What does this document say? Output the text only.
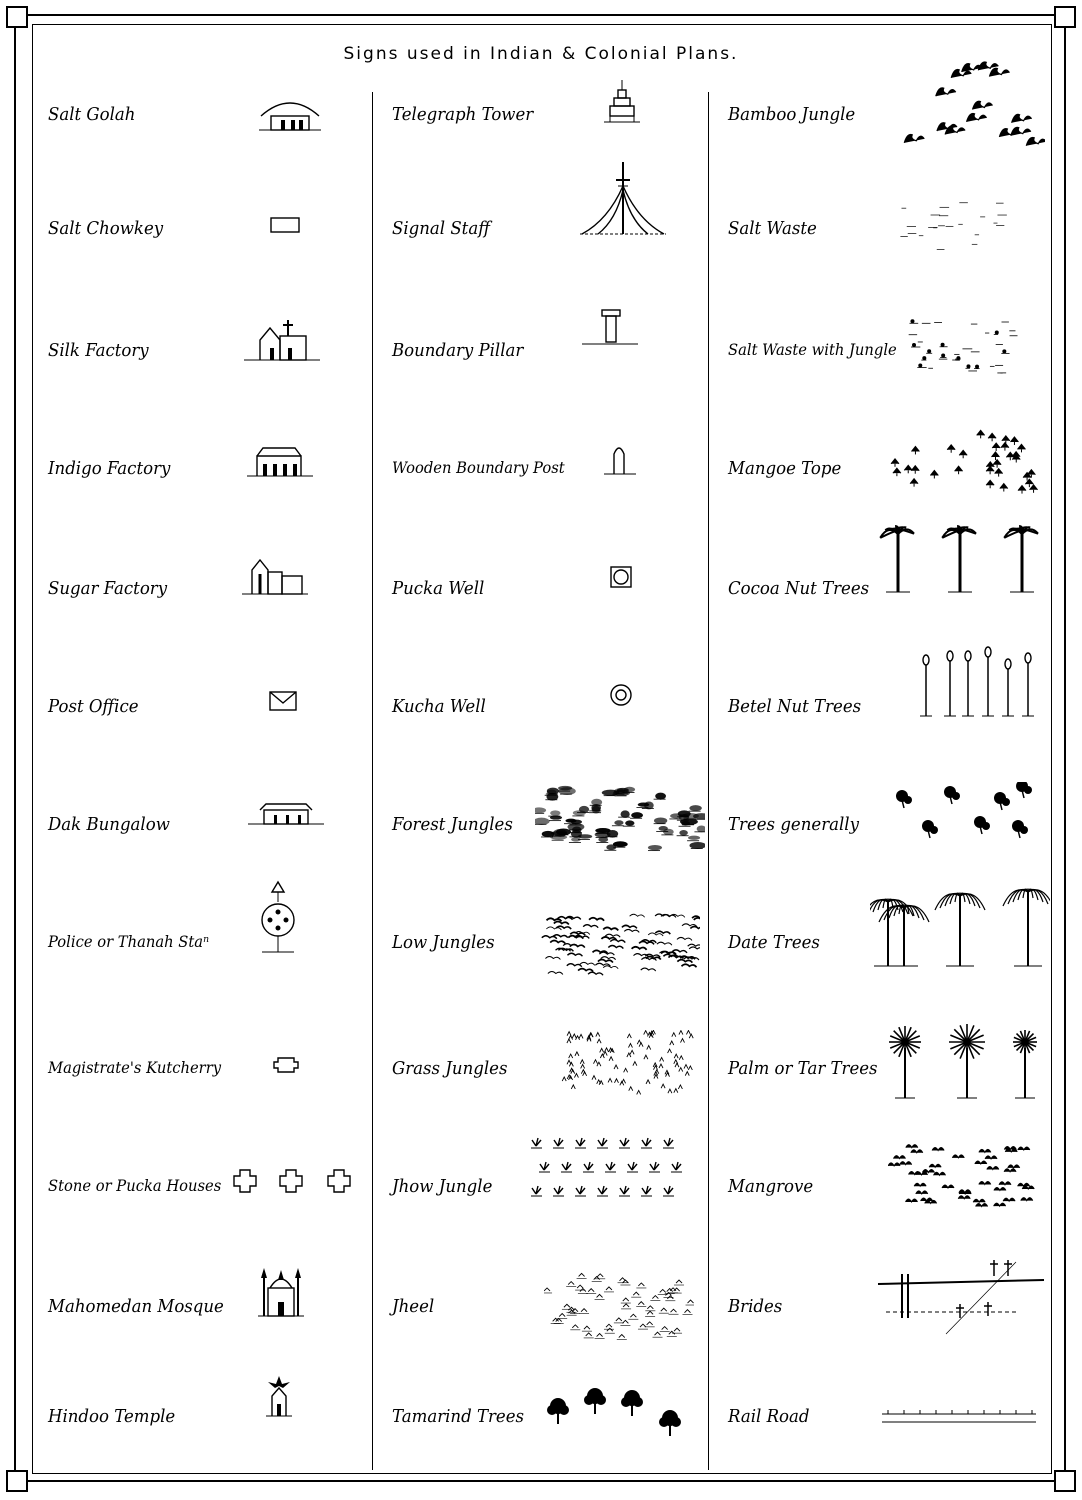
Signs used in Indian & Colonial Plans.
Salt Golah
Salt Chowkey
Silk Factory
Indigo Factory
Sugar Factory
Post Office
Dak Bungalow
Police or Thanah Staⁿ
Magistrate's Kutcherry
Stone or Pucka Houses
Mahomedan Mosque
Hindoo Temple
Telegraph Tower
Signal Staff
Boundary Pillar
Wooden Boundary Post
Pucka Well
Kucha Well
Forest Jungles
Low Jungles
Grass Jungles
Jhow Jungle
Jheel
Tamarind Trees
Bamboo Jungle
Salt Waste
Salt Waste with Jungle
Mangoe Tope
Cocoa Nut Trees
Betel Nut Trees
Trees generally
Date Trees
Palm or Tar Trees
Mangrove
Brides
Rail Road
